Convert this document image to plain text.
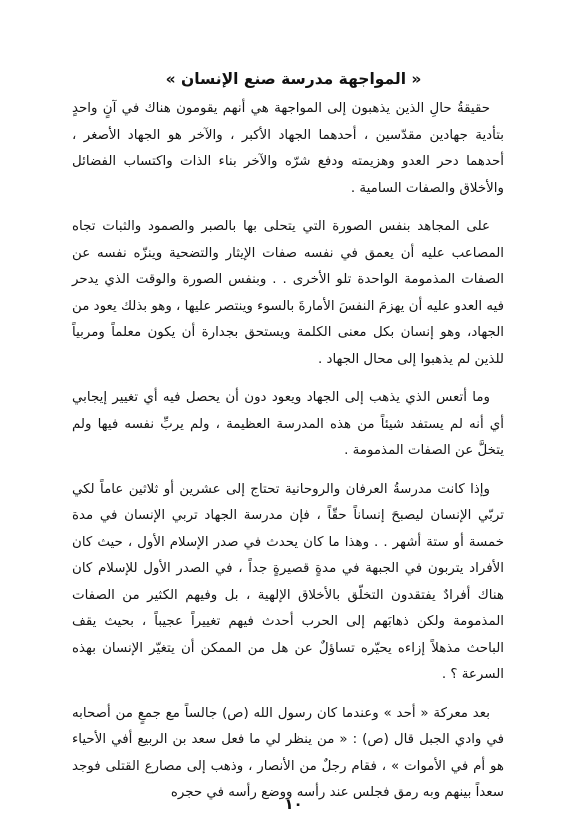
« المواجهة مدرسة صنع الإنسان »

حقيقةُ حالِ الذين يذهبون إلى المواجهة هي أنهم يقومون هناك في آنٍ واحدٍ بتأدية جهادين مقدّسين ، أحدهما الجهاد الأكبر ، والآخر هو الجهاد الأصغر ، أحدهما دحر العدو وهزيمته ودفع شرّه والآخر بناء الذات واكتساب الفضائل والأخلاق والصفات السامية .

على المجاهد بنفس الصورة التي يتحلى بها بالصبر والصمود والثبات تجاه المصاعب عليه أن يعمق في نفسه صفات الإيثار والتضحية وينزّه نفسه عن الصفات المذمومة الواحدة تلو الأخرى . . وبنفس الصورة والوقت الذي يدحر فيه العدو عليه أن يهزمَ النفسَ الأمارةَ بالسوء وينتصر عليها ، وهو بذلك يعود من الجهاد، وهو إنسان بكل معنى الكلمة ويستحق بجدارة أن يكون معلماً ومربياً للذين لم يذهبوا إلى محال الجهاد .

وما أتعس الذي يذهب إلى الجهاد ويعود دون أن يحصل فيه أي تغيير إيجابي أي أنه لم يستفد شيئاً من هذه المدرسة العظيمة ، ولم يربِّ نفسه فيها ولم يتخلَّ عن الصفات المذمومة .

وإذا كانت مدرسةُ العرفان والروحانية تحتاج إلى عشرين أو ثلاثين عاماً لكي تربّي الإنسان ليصبحَ إنساناً حقّاً ، فإن مدرسة الجهاد تربي الإنسان في مدة خمسة أو ستة أشهر . . وهذا ما كان يحدث في صدر الإسلام الأول ، حيث كان الأفراد يتربون في الجبهة في مدةٍ قصيرةٍ جداً ، في الصدر الأول للإسلام كان هناك أفرادٌ يفتقدون التخلّق بالأخلاق الإلهية ، بل وفيهم الكثير من الصفات المذمومة ولكن ذهابَهم إلى الحرب أحدث فيهم تغييراً عجيباً ، بحيث يقف الباحث مذهلاً إزاءه يحيّره تساؤلٌ عن هل من الممكن أن يتغيّر الإنسان بهذه السرعة ؟ .

بعد معركة « أحد » وعندما كان رسول الله (ص) جالساً مع جمعٍ من أصحابه في وادي الجبل قال (ص) : « من ينظر لي ما فعل سعد بن الربيع أفي الأحياء هو أم في الأموات » ، فقام رجلٌ من الأنصار ، وذهب إلى مصارع القتلى فوجد سعداً بينهم وبه رمق فجلس عند رأسه ووضع رأسه في حجره

١٠
